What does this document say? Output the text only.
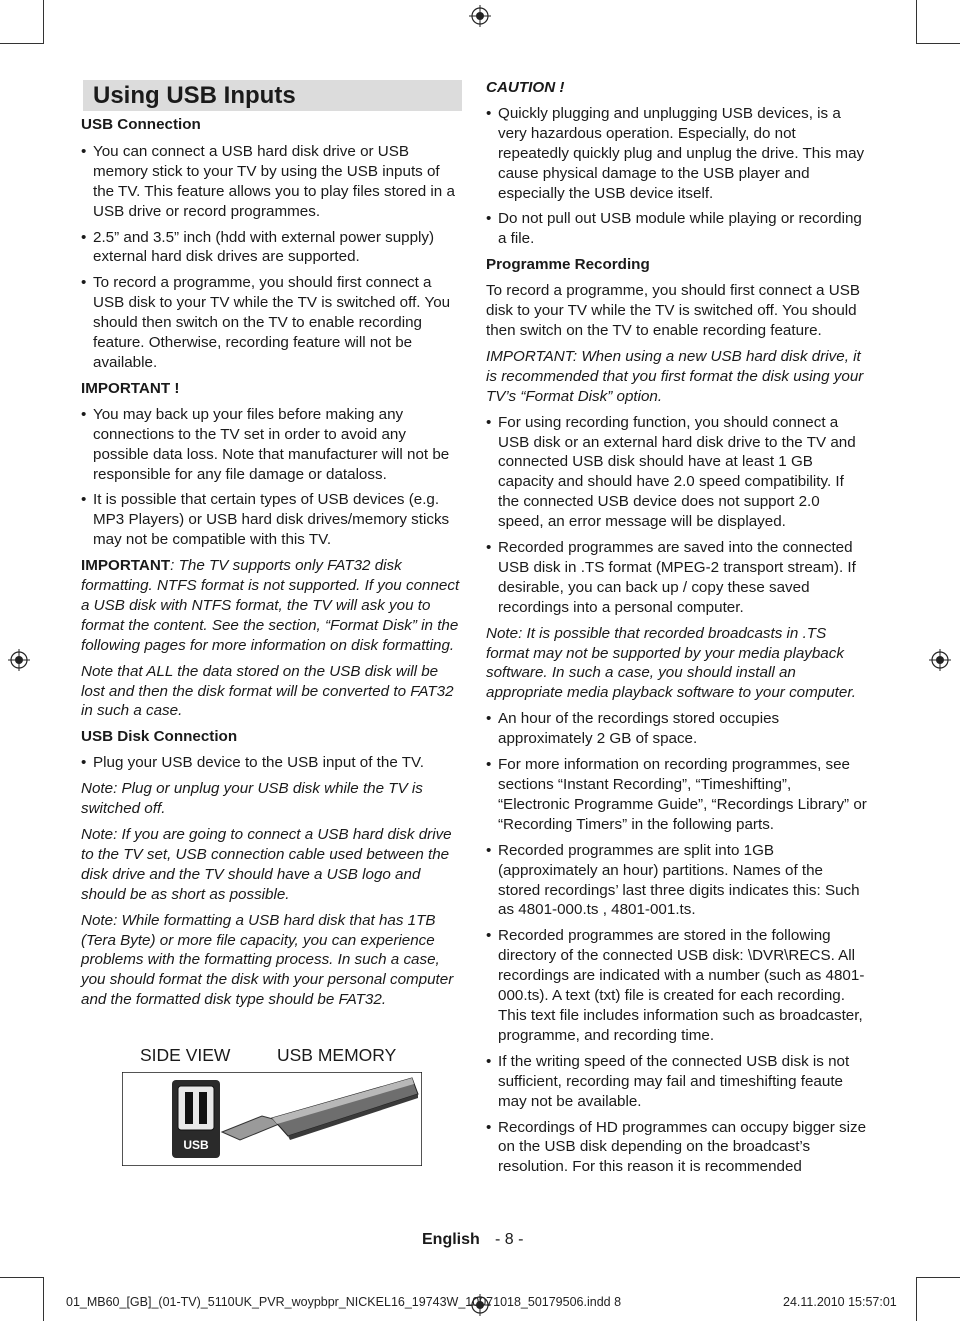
Using USB Inputs

USB Connection

• You can connect a USB hard disk drive or USB memory stick to your TV by using the USB inputs of the TV. This feature allows you to play files stored in a USB drive or record programmes.
• 2.5” and 3.5” inch (hdd with external power supply) external hard disk drives are supported.
• To record a programme, you should first connect a USB disk to your TV while the TV is switched off. You should then switch on the TV to enable recording feature. Otherwise, recording feature will not be available.

IMPORTANT !

• You may back up your files before making any connections to the TV set in order to avoid any possible data loss. Note that manufacturer will not be responsible for any file damage or dataloss.
• It is possible that certain types of USB devices (e.g. MP3 Players) or USB hard disk drives/memory sticks may not be compatible with this TV.

IMPORTANT: The TV supports only FAT32 disk formatting. NTFS format is not supported. If you connect a USB disk with NTFS format, the TV will ask you to format the content. See the section, “Format Disk” in the following pages for more information on disk formatting.

Note that ALL the data stored on the USB disk will be lost and then the disk format will be converted to FAT32 in such a case.

USB Disk Connection

• Plug your USB device to the USB input of the TV.

Note: Plug or unplug your USB disk while the TV is switched off.

Note: If you are going to connect a USB hard disk drive to the TV set, USB connection cable used between the disk drive and the TV should have a USB logo and should be as short as possible.

Note: While formatting a USB hard disk that has 1TB (Tera Byte) or more file capacity, you can experience problems with the formatting process. In such a case, you should format the disk with your personal computer and the formatted disk type should be FAT32.

SIDE VIEW	USB MEMORY
USB

CAUTION !

• Quickly plugging and unplugging USB devices, is a very hazardous operation. Especially, do not repeatedly quickly plug and unplug the drive. This may cause physical damage to the USB player and especially the USB device itself.
• Do not pull out USB module while playing or recording a file.

Programme Recording

To record a programme, you should first connect a USB disk to your TV while the TV is switched off. You should then switch on the TV to enable recording feature.

IMPORTANT: When using a new USB hard disk drive, it is recommended that you first format the disk using your TV’s “Format Disk” option.

• For using recording function, you should connect a USB disk or an external hard disk drive to the TV and connected USB disk should have at least 1 GB capacity and should have 2.0 speed compatibility. If the connected USB device does not support 2.0 speed, an error message will be displayed.
• Recorded programmes are saved into the connected USB disk in .TS format (MPEG-2 transport stream). If desirable, you can back up / copy these saved recordings into a personal computer.

Note: It is possible that recorded broadcasts in .TS format may not be supported by your media playback software. In such a case, you should install an appropriate media playback software to your computer.

• An hour of the recordings stored occupies approximately 2 GB of space.
• For more information on recording programmes, see sections “Instant Recording”, “Timeshifting”, “Electronic Programme Guide”, “Recordings Library” or “Recording Timers” in the following parts.
• Recorded programmes are split into 1GB (approximately an hour) partitions. Names of the stored recordings’ last three digits indicates this: Such as 4801-000.ts , 4801-001.ts.
• Recorded programmes are stored in the following directory of the connected USB disk: \DVR\RECS. All recordings are indicated with a number (such as 4801-000.ts). A text (txt) file is created for each recording. This text file includes information such as broadcaster, programme, and recording time.
• If the writing speed of the connected USB disk is not sufficient, recording may fail and timeshifting feaute may not be available.
• Recordings of HD programmes can occupy bigger size on the USB disk depending on the broadcast’s resolution. For this reason it is recommended
English - 8 -
01_MB60_[GB]_(01-TV)_5110UK_PVR_woypbpr_NICKEL16_19743W_10071018_50179506.indd 8	24.11.2010 15:57:01
